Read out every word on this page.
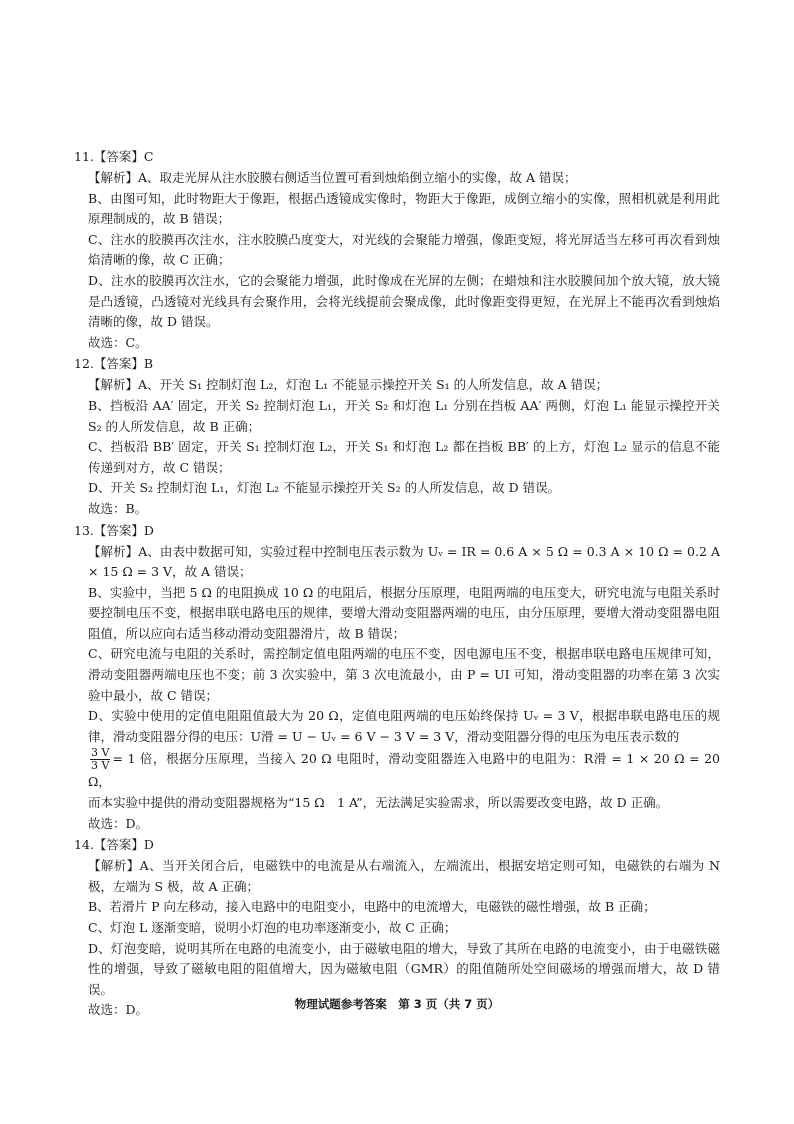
11.【答案】C

【解析】A、取走光屏从注水胶膜右侧适当位置可看到烛焰倒立缩小的实像，故 A 错误；

B、由图可知，此时物距大于像距，根据凸透镜成实像时，物距大于像距，成倒立缩小的实像，照相机就是利用此原理制成的，故 B 错误；

C、注水的胶膜再次注水，注水胶膜凸度变大，对光线的会聚能力增强，像距变短，将光屏适当左移可再次看到烛焰清晰的像，故 C 正确；

D、注水的胶膜再次注水，它的会聚能力增强，此时像成在光屏的左侧；在蜡烛和注水胶膜间加个放大镜，放大镜是凸透镜，凸透镜对光线具有会聚作用，会将光线提前会聚成像，此时像距变得更短，在光屏上不能再次看到烛焰清晰的像，故 D 错误。

故选：C。

12.【答案】B

【解析】A、开关 S₁ 控制灯泡 L₂，灯泡 L₁ 不能显示操控开关 S₁ 的人所发信息，故 A 错误；

B、挡板沿 AA′ 固定，开关 S₂ 控制灯泡 L₁，开关 S₂ 和灯泡 L₁ 分别在挡板 AA′ 两侧，灯泡 L₁ 能显示操控开关 S₂ 的人所发信息，故 B 正确；

C、挡板沿 BB′ 固定，开关 S₁ 控制灯泡 L₂，开关 S₁ 和灯泡 L₂ 都在挡板 BB′ 的上方，灯泡 L₂ 显示的信息不能传递到对方，故 C 错误；

D、开关 S₂ 控制灯泡 L₁，灯泡 L₂ 不能显示操控开关 S₂ 的人所发信息，故 D 错误。

故选：B。

13.【答案】D

【解析】A、由表中数据可知，实验过程中控制电压表示数为 Uᵥ = IR = 0.6 A × 5 Ω = 0.3 A × 10 Ω = 0.2 A × 15 Ω = 3 V，故 A 错误；

B、实验中，当把 5 Ω 的电阻换成 10 Ω 的电阻后，根据分压原理，电阻两端的电压变大，研究电流与电阻关系时要控制电压不变，根据串联电路电压的规律，要增大滑动变阻器两端的电压，由分压原理，要增大滑动变阻器电阻阻值，所以应向右适当移动滑动变阻器滑片，故 B 错误；

C、研究电流与电阻的关系时，需控制定值电阻两端的电压不变，因电源电压不变，根据串联电路电压规律可知，滑动变阻器两端电压也不变；前 3 次实验中，第 3 次电流最小，由 P = UI 可知，滑动变阻器的功率在第 3 次实验中最小，故 C 错误；

D、实验中使用的定值电阻阻值最大为 20 Ω，定值电阻两端的电压始终保持 Uᵥ = 3 V，根据串联电路电压的规律，滑动变阻器分得的电压：U滑 = U − Uᵥ = 6 V − 3 V = 3 V，滑动变阻器分得的电压为电压表示数的

$\frac{3 V}{3 V} = 1$ 倍，根据分压原理，当接入 20 Ω 电阻时，滑动变阻器连入电路中的电阻为：R滑 = 1 × 20 Ω = 20 Ω，

而本实验中提供的滑动变阻器规格为“15 Ω　1 A”，无法满足实验需求，所以需要改变电路，故 D 正确。

故选：D。

14.【答案】D

【解析】A、当开关闭合后，电磁铁中的电流是从右端流入，左端流出，根据安培定则可知，电磁铁的右端为 N 极，左端为 S 极，故 A 正确；

B、若滑片 P 向左移动，接入电路中的电阻变小，电路中的电流增大，电磁铁的磁性增强，故 B 正确；

C、灯泡 L 逐渐变暗，说明小灯泡的电功率逐渐变小，故 C 正确；

D、灯泡变暗，说明其所在电路的电流变小，由于磁敏电阻的增大，导致了其所在电路的电流变小，由于电磁铁磁性的增强，导致了磁敏电阻的阻值增大，因为磁敏电阻（GMR）的阻值随所处空间磁场的增强而增大，故 D 错误。

故选：D。	物理试题参考答案　第 3 页（共 7 页）
